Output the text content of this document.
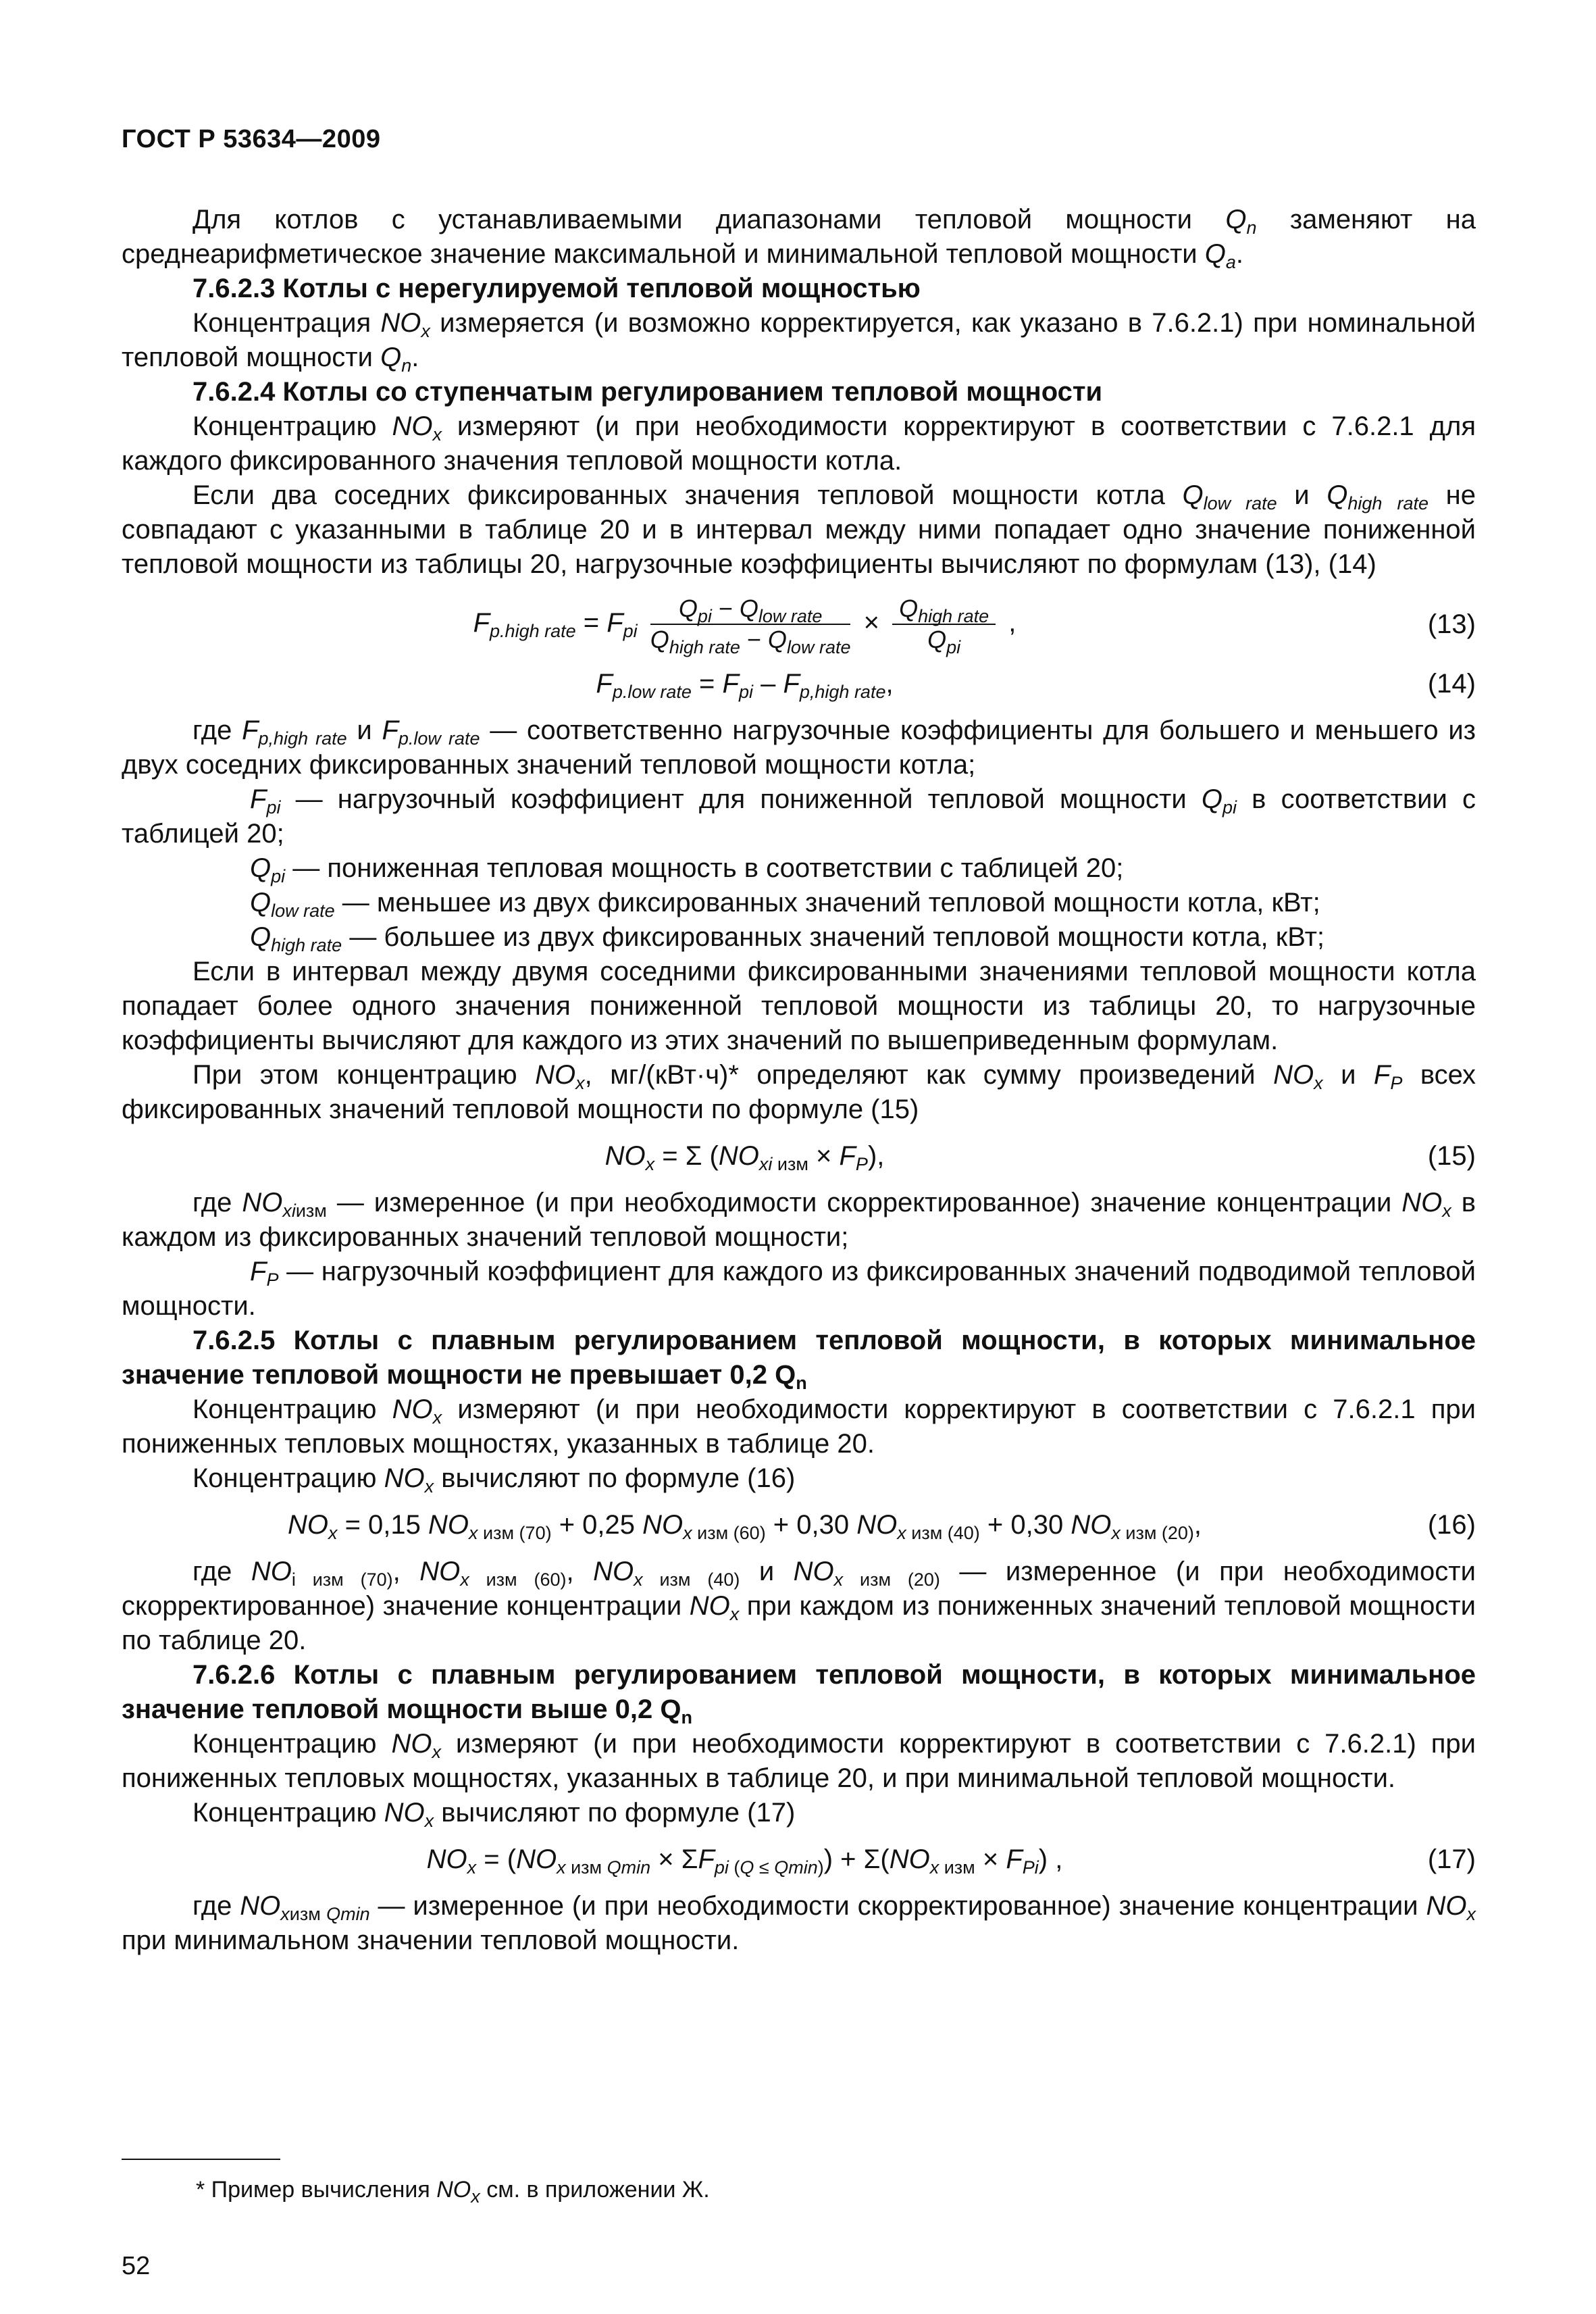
ГОСТ Р 53634—2009

Для котлов с устанавливаемыми диапазонами тепловой мощности $Q_n$ заменяют на среднеарифметическое значение максимальной и минимальной тепловой мощности $Q_a$.

7.6.2.3 Котлы с нерегулируемой тепловой мощностью

Концентрация $NO_x$ измеряется (и возможно корректируется, как указано в 7.6.2.1) при номинальной тепловой мощности $Q_n$.

7.6.2.4 Котлы со ступенчатым регулированием тепловой мощности

Концентрацию $NO_x$ измеряют (и при необходимости корректируют в соответствии с 7.6.2.1 для каждого фиксированного значения тепловой мощности котла.

Если два соседних фиксированных значения тепловой мощности котла $Q_{low rate}$ и $Q_{high rate}$ не совпадают с указанными в таблице 20 и в интервал между ними попадает одно значение пониженной тепловой мощности из таблицы 20, нагрузочные коэффициенты вычисляют по формулам (13), (14)

$F_{p.high rate} = F_{pi} \frac{Q_{pi} - Q_{low rate}}{Q_{high rate} - Q_{low rate}} \times \frac{Q_{high rate}}{Q_{pi}}$ ,	(13)
$F_{p.low rate} = F_{pi} - F_{p,high rate}$,	(14)

где $F_{p,high rate}$ и $F_{p.low rate}$ — соответственно нагрузочные коэффициенты для большего и меньшего из двух соседних фиксированных значений тепловой мощности котла;

$F_{pi}$ — нагрузочный коэффициент для пониженной тепловой мощности $Q_{pi}$ в соответствии с таблицей 20;

$Q_{pi}$ — пониженная тепловая мощность в соответствии с таблицей 20;

$Q_{low rate}$ — меньшее из двух фиксированных значений тепловой мощности котла, кВт;

$Q_{high rate}$ — большее из двух фиксированных значений тепловой мощности котла, кВт;

Если в интервал между двумя соседними фиксированными значениями тепловой мощности котла попадает более одного значения пониженной тепловой мощности из таблицы 20, то нагрузочные коэффициенты вычисляют для каждого из этих значений по вышеприведенным формулам.

При этом концентрацию $NO_x$, мг/(кВт·ч)* определяют как сумму произведений $NO_x$ и $F_P$ всех фиксированных значений тепловой мощности по формуле (15)

$NO_x = \Sigma$ ($NO_{xi}$ $_{изм} \times F_P$),	(15)

где $NO_{xiизм}$ — измеренное (и при необходимости скорректированное) значение концентрации $NO_x$ в каждом из фиксированных значений тепловой мощности;

$F_P$ — нагрузочный коэффициент для каждого из фиксированных значений подводимой тепловой мощности.

7.6.2.5 Котлы с плавным регулированием тепловой мощности, в которых минимальное значение тепловой мощности не превышает 0,2 $Q_n$

Концентрацию $NO_x$ измеряют (и при необходимости корректируют в соответствии с 7.6.2.1 при пониженных тепловых мощностях, указанных в таблице 20.

Концентрацию $NO_x$ вычисляют по формуле (16)

$NO_x = 0,15$ $NO_x$ $_{изм (70)}$ + 0,25 $NO_x$ $_{изм (60)}$ + 0,30 $NO_x$ $_{изм (40)}$ + 0,30 $NO_x$ $_{изм (20)}$,	(16)

где $NO_{i изм (70)}$, $NO_x$ $_{изм (60)}$, $NO_x$ $_{изм (40)}$ и $NO_x$ $_{изм (20)}$ — измеренное (и при необходимости скорректированное) значение концентрации $NO_x$ при каждом из пониженных значений тепловой мощности по таблице 20.

7.6.2.6 Котлы с плавным регулированием тепловой мощности, в которых минимальное значение тепловой мощности выше 0,2 $Q_n$

Концентрацию $NO_x$ измеряют (и при необходимости корректируют в соответствии с 7.6.2.1) при пониженных тепловых мощностях, указанных в таблице 20, и при минимальной тепловой мощности.

Концентрацию $NO_x$ вычисляют по формуле (17)

$NO_x = (NO_x$ $_{изм Qmin} \times \Sigma F_{pi}$ $_{(Q \le Qmin)}) + \Sigma(NO_x$ $_{изм} \times F_{Pi}$) ,	(17)

где $NO_{xизм Qmin}$ — измеренное (и при необходимости скорректированное) значение концентрации $NO_x$ при минимальном значении тепловой мощности.

* Пример вычисления $NO_x$ см. в приложении Ж.
52
